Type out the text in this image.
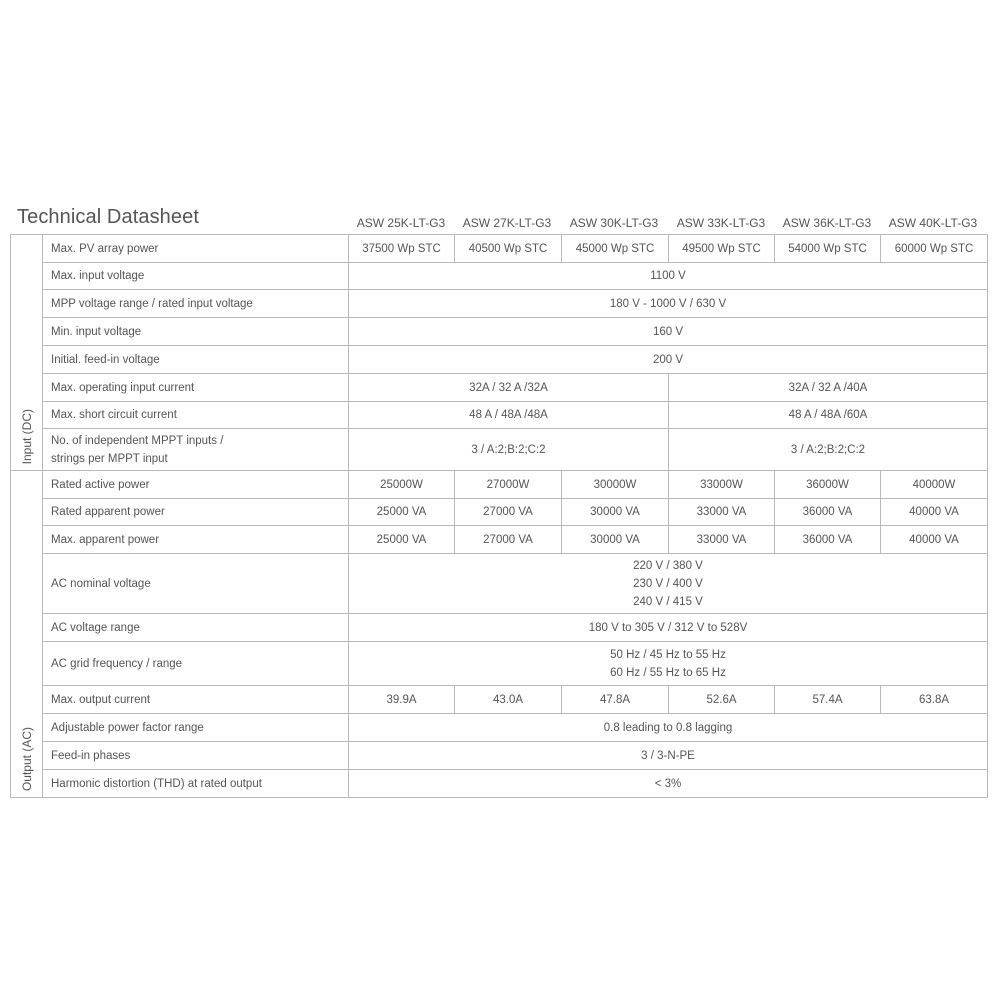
Technical Datasheet	ASW 25K-LT-G3	ASW 27K-LT-G3	ASW 30K-LT-G3	ASW 33K-LT-G3	ASW 36K-LT-G3	ASW 40K-LT-G3
Input (DC)	Max. PV array power	37500 Wp STC	40500 Wp STC	45000 Wp STC	49500 Wp STC	54000 Wp STC	60000 Wp STC
	Max. input voltage	1100 V					
	MPP voltage range / rated input voltage	180 V - 1000 V / 630 V					
	Min. input voltage	160 V					
	Initial. feed-in voltage	200 V					
	Max. operating input current	32A / 32 A /32A			32A / 32 A /40A		
	Max. short circuit current	48 A / 48A /48A			48 A / 48A /60A		

	No. of independent MPPT inputs /
strings per MPPT input	3 / A:2;B:2;C:2			3 / A:2;B:2;C:2		

Output (AC)	Rated active power	25000W	27000W	30000W	33000W	36000W	40000W
	Rated apparent power	25000 VA	27000 VA	30000 VA	33000 VA	36000 VA	40000 VA
	Max. apparent power	25000 VA	27000 VA	30000 VA	33000 VA	36000 VA	40000 VA
	AC nominal voltage	220 V / 380 V
230 V / 400 V
240 V / 415 V					

	AC voltage range	180 V to 305 V / 312 V to 528V					
	AC grid frequency / range	50 Hz / 45 Hz to 55 Hz
60 Hz / 55 Hz to 65 Hz					

	Max. output current	39.9A	43.0A	47.8A	52.6A	57.4A	63.8A
	Adjustable power factor range	0.8 leading to 0.8 lagging					
	Feed-in phases	3 / 3-N-PE					
	Harmonic distortion (THD) at rated output	< 3%					
